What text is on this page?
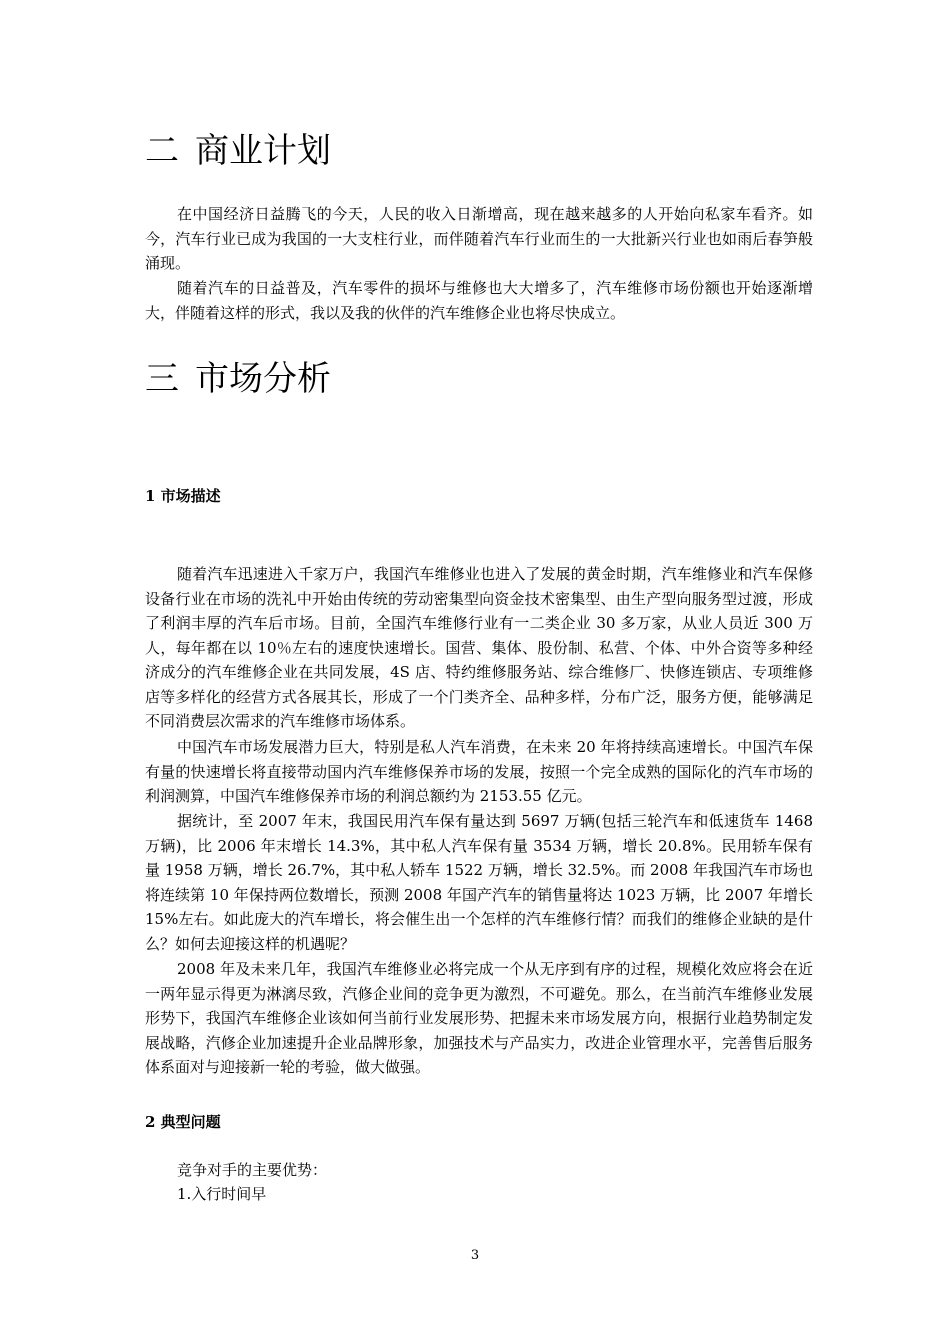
二 商业计划

在中国经济日益腾飞的今天，人民的收入日渐增高，现在越来越多的人开始向私家车看齐。如今，汽车行业已成为我国的一大支柱行业，而伴随着汽车行业而生的一大批新兴行业也如雨后春笋般涌现。

随着汽车的日益普及，汽车零件的损坏与维修也大大增多了，汽车维修市场份额也开始逐渐增大，伴随着这样的形式，我以及我的伙伴的汽车维修企业也将尽快成立。

三 市场分析
1 市场描述

随着汽车迅速进入千家万户，我国汽车维修业也进入了发展的黄金时期，汽车维修业和汽车保修设备行业在市场的洗礼中开始由传统的劳动密集型向资金技术密集型、由生产型向服务型过渡，形成了利润丰厚的汽车后市场。目前，全国汽车维修行业有一二类企业 30 多万家，从业人员近 300 万人，每年都在以 10％左右的速度快速增长。国营、集体、股份制、私营、个体、中外合资等多种经济成分的汽车维修企业在共同发展，4S 店、特约维修服务站、综合维修厂、快修连锁店、专项维修店等多样化的经营方式各展其长，形成了一个门类齐全、品种多样，分布广泛，服务方便，能够满足不同消费层次需求的汽车维修市场体系。

中国汽车市场发展潜力巨大，特别是私人汽车消费，在未来 20 年将持续高速增长。中国汽车保有量的快速增长将直接带动国内汽车维修保养市场的发展，按照一个完全成熟的国际化的汽车市场的利润测算，中国汽车维修保养市场的利润总额约为 2153.55 亿元。

据统计，至 2007 年末，我国民用汽车保有量达到 5697 万辆(包括三轮汽车和低速货车 1468 万辆)，比 2006 年末增长 14.3%，其中私人汽车保有量 3534 万辆，增长 20.8%。民用轿车保有量 1958 万辆，增长 26.7%，其中私人轿车 1522 万辆，增长 32.5%。而 2008 年我国汽车市场也将连续第 10 年保持两位数增长，预测 2008 年国产汽车的销售量将达 1023 万辆，比 2007 年增长 15%左右。如此庞大的汽车增长，将会催生出一个怎样的汽车维修行情？而我们的维修企业缺的是什么？如何去迎接这样的机遇呢？

2008 年及未来几年，我国汽车维修业必将完成一个从无序到有序的过程，规模化效应将会在近一两年显示得更为淋漓尽致，汽修企业间的竞争更为激烈，不可避免。那么，在当前汽车维修业发展形势下，我国汽车维修企业该如何当前行业发展形势、把握未来市场发展方向，根据行业趋势制定发展战略，汽修企业加速提升企业品牌形象，加强技术与产品实力，改进企业管理水平，完善售后服务体系面对与迎接新一轮的考验，做大做强。

2 典型问题

竞争对手的主要优势：

1.入行时间早

3
